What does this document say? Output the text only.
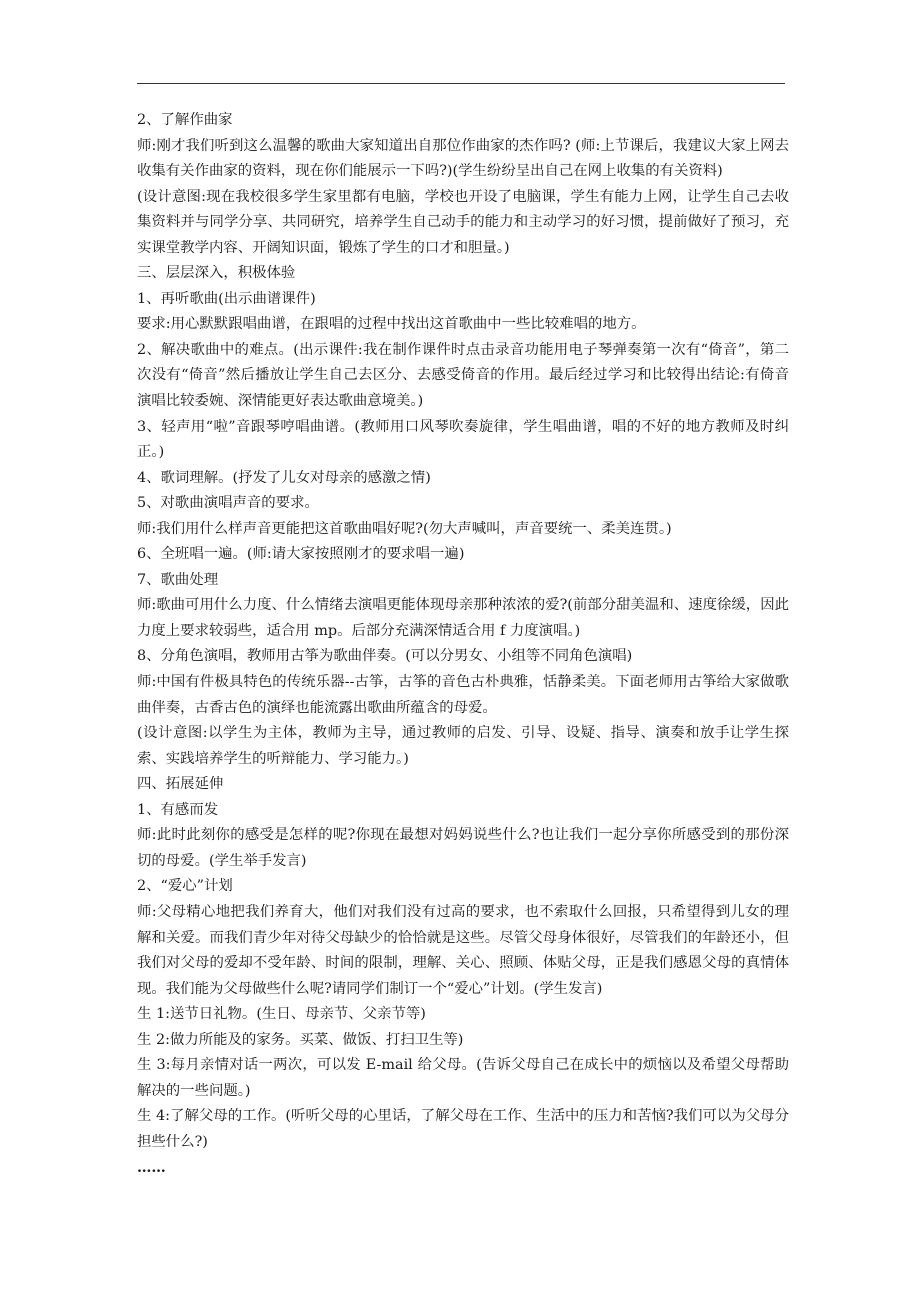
2、了解作曲家

师:刚才我们听到这么温馨的歌曲大家知道出自那位作曲家的杰作吗? (师:上节课后，我建议大家上网去收集有关作曲家的资料，现在你们能展示一下吗?)(学生纷纷呈出自己在网上收集的有关资料)

(设计意图:现在我校很多学生家里都有电脑，学校也开设了电脑课，学生有能力上网，让学生自己去收集资料并与同学分享、共同研究，培养学生自己动手的能力和主动学习的好习惯，提前做好了预习，充实课堂教学内容、开阔知识面，锻炼了学生的口才和胆量。)

三、层层深入，积极体验

1、再听歌曲(出示曲谱课件)

要求:用心默默跟唱曲谱，在跟唱的过程中找出这首歌曲中一些比较难唱的地方。

2、解决歌曲中的难点。(出示课件:我在制作课件时点击录音功能用电子琴弹奏第一次有“倚音”，第二次没有“倚音”然后播放让学生自己去区分、去感受倚音的作用。最后经过学习和比较得出结论:有倚音演唱比较委婉、深情能更好表达歌曲意境美。)

3、轻声用“啦”音跟琴哼唱曲谱。(教师用口风琴吹奏旋律，学生唱曲谱，唱的不好的地方教师及时纠正。)

4、歌词理解。(抒发了儿女对母亲的感激之情)

5、对歌曲演唱声音的要求。

师:我们用什么样声音更能把这首歌曲唱好呢?(勿大声喊叫，声音要统一、柔美连贯。)

6、全班唱一遍。(师:请大家按照刚才的要求唱一遍)

7、歌曲处理

师:歌曲可用什么力度、什么情绪去演唱更能体现母亲那种浓浓的爱?(前部分甜美温和、速度徐缓，因此力度上要求较弱些，适合用 mp。后部分充满深情适合用 f 力度演唱。)

8、分角色演唱，教师用古筝为歌曲伴奏。(可以分男女、小组等不同角色演唱)

师:中国有件极具特色的传统乐器--古筝，古筝的音色古朴典雅，恬静柔美。下面老师用古筝给大家做歌曲伴奏，古香古色的演绎也能流露出歌曲所蕴含的母爱。

(设计意图:以学生为主体，教师为主导，通过教师的启发、引导、设疑、指导、演奏和放手让学生探索、实践培养学生的听辩能力、学习能力。)

四、拓展延伸

1、有感而发

师:此时此刻你的感受是怎样的呢?你现在最想对妈妈说些什么?也让我们一起分享你所感受到的那份深切的母爱。(学生举手发言)

2、“爱心”计划

师:父母精心地把我们养育大，他们对我们没有过高的要求，也不索取什么回报，只希望得到儿女的理解和关爱。而我们青少年对待父母缺少的恰恰就是这些。尽管父母身体很好，尽管我们的年龄还小，但我们对父母的爱却不受年龄、时间的限制，理解、关心、照顾、体贴父母，正是我们感恩父母的真情体现。我们能为父母做些什么呢?请同学们制订一个“爱心”计划。(学生发言)

生 1:送节日礼物。(生日、母亲节、父亲节等)

生 2:做力所能及的家务。买菜、做饭、打扫卫生等)

生 3:每月亲情对话一两次，可以发 E-mail 给父母。(告诉父母自己在成长中的烦恼以及希望父母帮助解决的一些问题。)

生 4:了解父母的工作。(听听父母的心里话，了解父母在工作、生活中的压力和苦恼?我们可以为父母分担些什么?)

……
